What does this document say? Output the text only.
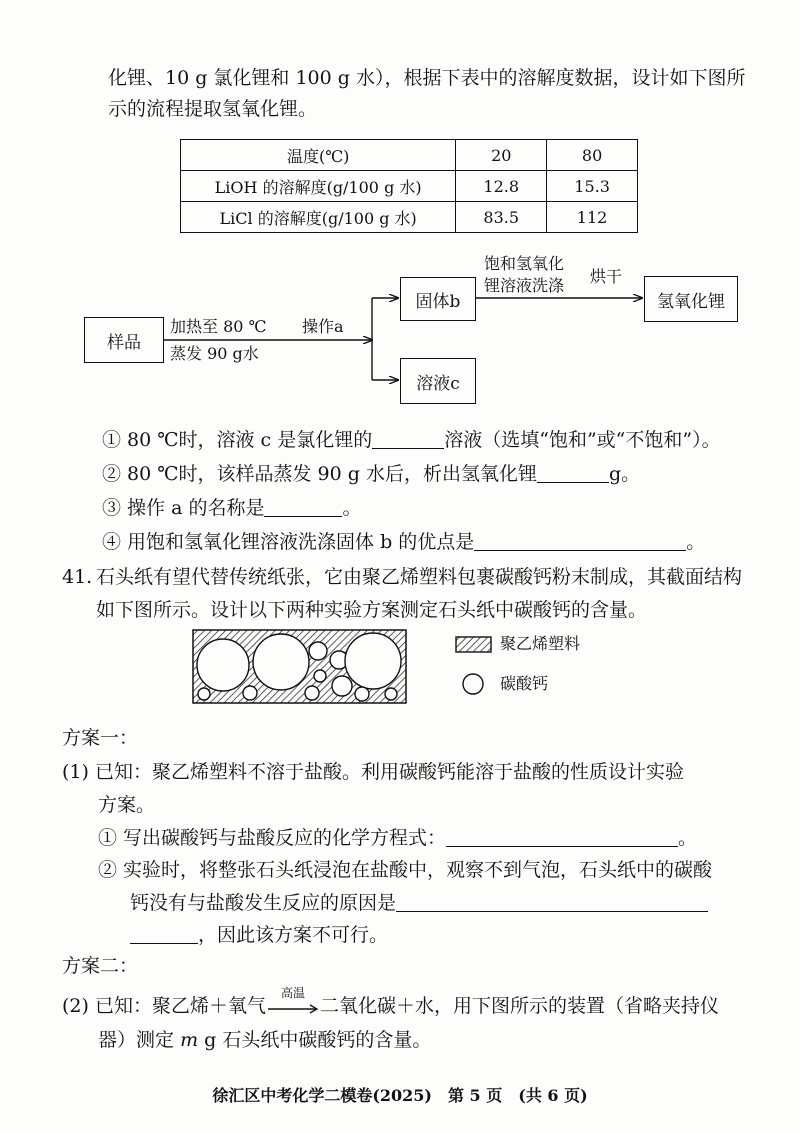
化锂、10 g 氯化锂和 100 g 水），根据下表中的溶解度数据，设计如下图所
示的流程提取氢氧化锂。
温度(℃)	20	80
LiOH 的溶解度(g/100 g 水)	12.8	15.3
LiCl 的溶解度(g/100 g 水)	83.5	112
样品
加热至 80 ℃
蒸发 90 g水
操作a
固体b
溶液c
饱和氢氧化
锂溶液洗涤 烘干
氢氧化锂
① 80 ℃时，溶液 c 是氯化锂的	溶液（选填“饱和”或“不饱和”）。
② 80 ℃时，该样品蒸发 90 g 水后，析出氢氧化锂	g。
③ 操作 a 的名称是	。
④ 用饱和氢氧化锂溶液洗涤固体 b 的优点是	。
41. 石头纸有望代替传统纸张，它由聚乙烯塑料包裹碳酸钙粉末制成，其截面结构
如下图所示。设计以下两种实验方案测定石头纸中碳酸钙的含量。
聚乙烯塑料
碳酸钙
方案一：
(1) 已知：聚乙烯塑料不溶于盐酸。利用碳酸钙能溶于盐酸的性质设计实验
方案。
① 写出碳酸钙与盐酸反应的化学方程式：	。
② 实验时，将整张石头纸浸泡在盐酸中，观察不到气泡，石头纸中的碳酸
钙没有与盐酸发生反应的原因是
，因此该方案不可行。
方案二：
(2) 已知：聚乙烯＋氧气
高温
二氧化碳＋水，用下图所示的装置（省略夹持仪
器）测定 m g 石头纸中碳酸钙的含量。
徐汇区中考化学二模卷(2025)　第 5 页　(共 6 页)
